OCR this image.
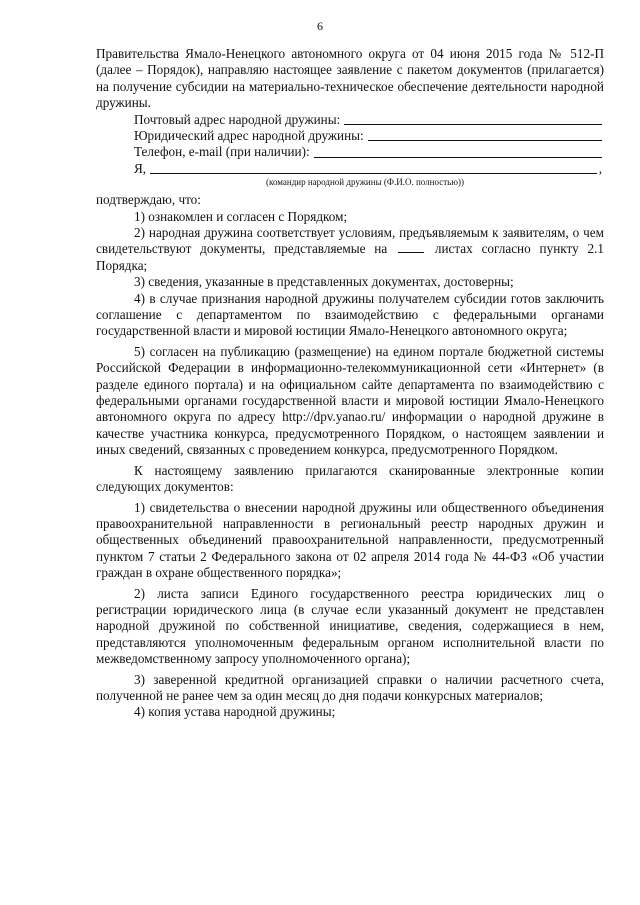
6

Правительства Ямало-Ненецкого автономного округа от 04 июня 2015 года № 512-П (далее – Порядок), направляю настоящее заявление с пакетом документов (прилагается) на получение субсидии на материально-техническое обеспечение деятельности народной дружины.

Почтовый адрес народной дружины:
Юридический адрес народной дружины:
Телефон, e-mail (при наличии):
Я,	,
(командир народной дружины (Ф.И.О. полностью))

подтверждаю, что:

1) ознакомлен и согласен с Порядком;

2) народная дружина соответствует условиям, предъявляемым к заявителям, о чем свидетельствуют документы, представляемые на	листах согласно пункту 2.1 Порядка;

3) сведения, указанные в представленных документах, достоверны;

4) в случае признания народной дружины получателем субсидии готов заключить соглашение с департаментом по взаимодействию с федеральными органами государственной власти и мировой юстиции Ямало-Ненецкого автономного округа;

5) согласен на публикацию (размещение) на едином портале бюджетной системы Российской Федерации в информационно-телекоммуникационной сети «Интернет» (в разделе единого портала) и на официальном сайте департамента по взаимодействию с федеральными органами государственной власти и мировой юстиции Ямало-Ненецкого автономного округа по адресу http://dpv.yanao.ru/ информации о народной дружине в качестве участника конкурса, предусмотренного Порядком, о настоящем заявлении и иных сведений, связанных с проведением конкурса, предусмотренного Порядком.

К настоящему заявлению прилагаются сканированные электронные копии следующих документов:

1) свидетельства о внесении народной дружины или общественного объединения правоохранительной направленности в региональный реестр народных дружин и общественных объединений правоохранительной направленности, предусмотренный пунктом 7 статьи 2 Федерального закона от 02 апреля 2014 года № 44-ФЗ «Об участии граждан в охране общественного порядка»;

2) листа записи Единого государственного реестра юридических лиц о регистрации юридического лица (в случае если указанный документ не представлен народной дружиной по собственной инициативе, сведения, содержащиеся в нем, представляются уполномоченным федеральным органом исполнительной власти по межведомственному запросу уполномоченного органа);

3) заверенной кредитной организацией справки о наличии расчетного счета, полученной не ранее чем за один месяц до дня подачи конкурсных материалов;

4) копия устава народной дружины;
